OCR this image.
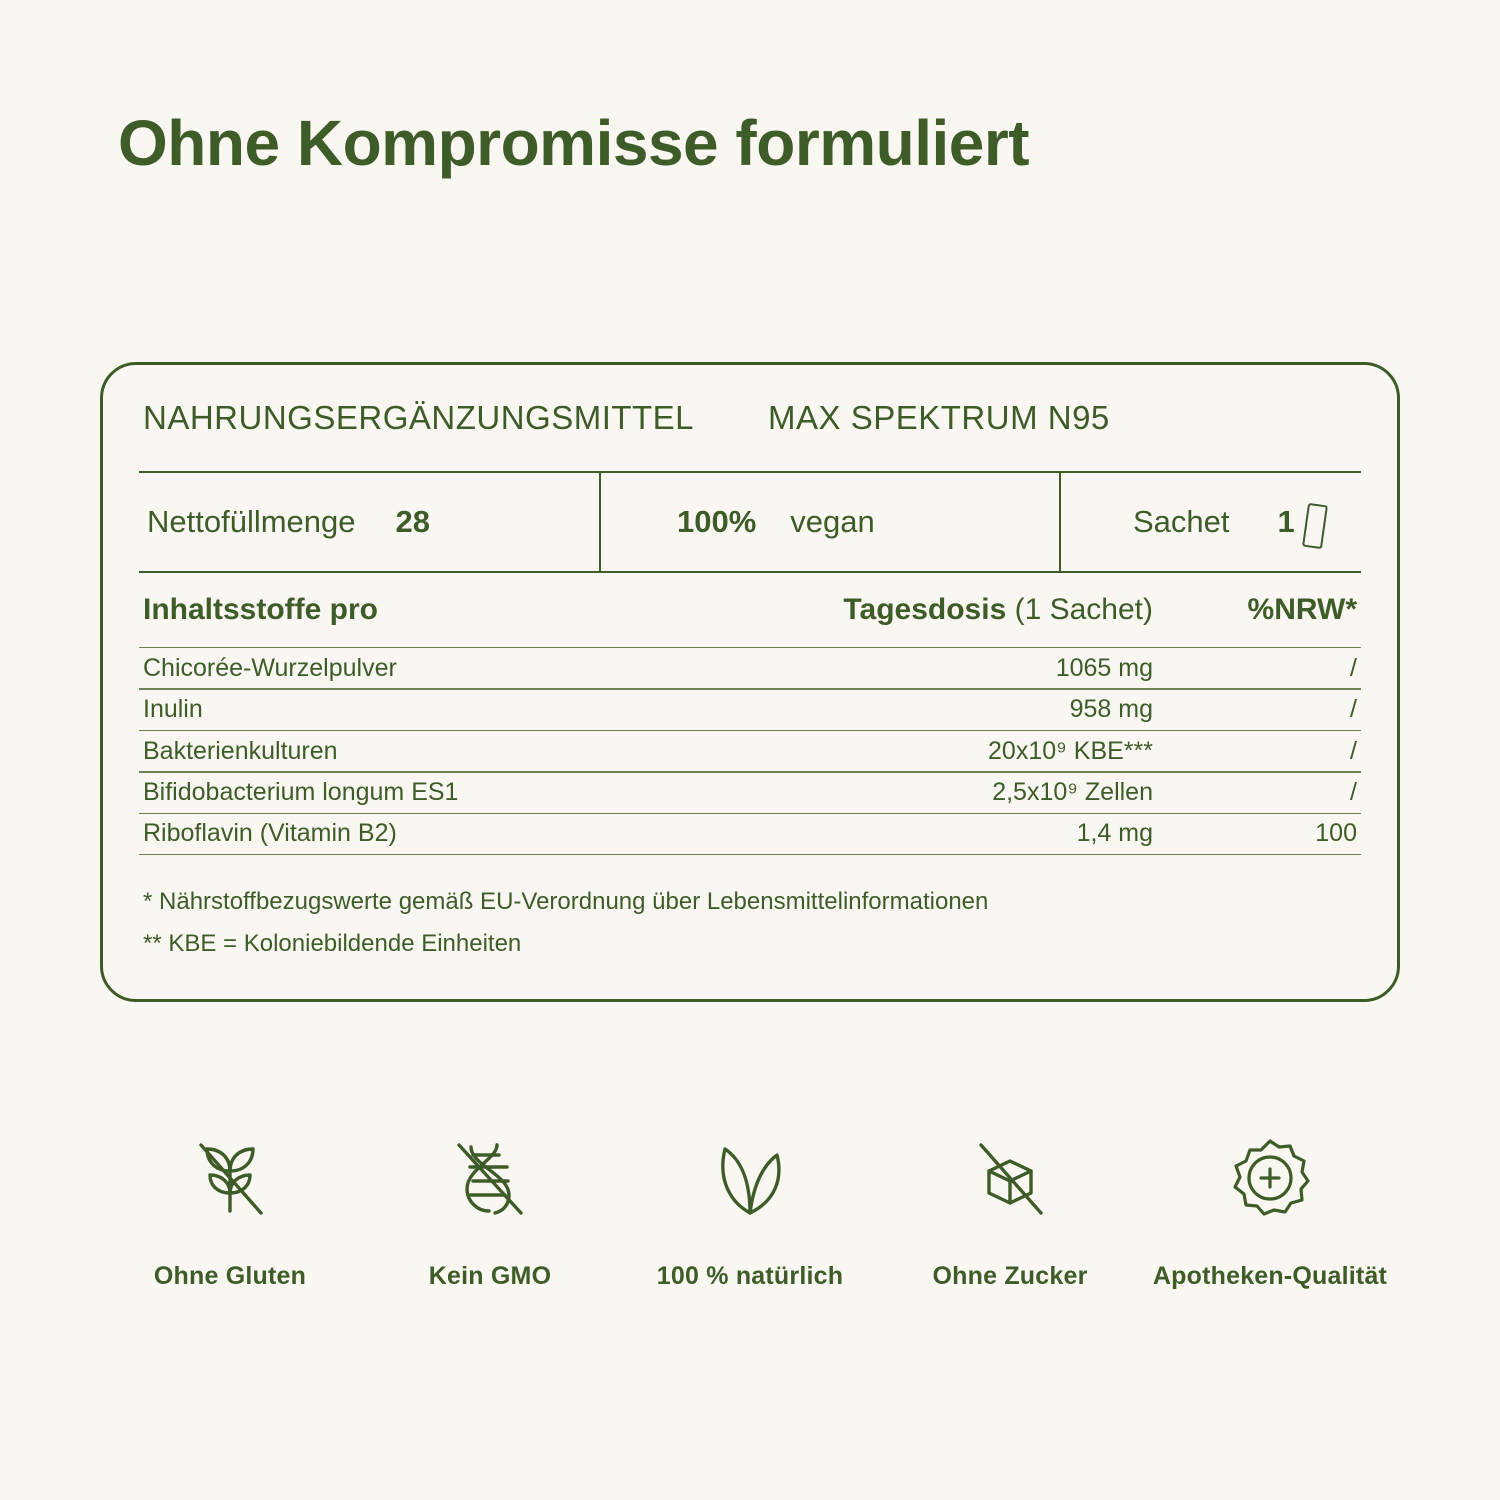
Ohne Kompromisse formuliert
NAHRUNGSERGÄNZUNGSMITTEL MAX SPEKTRUM N95
Nettofüllmenge 28	100% vegan	Sachet 1
Inhaltsstoffe pro	Tagesdosis (1 Sachet)	%NRW*
Chicorée-Wurzelpulver	1065 mg	/
Inulin	958 mg	/
Bakterienkulturen	20x10⁹ KBE***	/
Bifidobacterium longum ES1	2,5x10⁹ Zellen	/
Riboflavin (Vitamin B2)	1,4 mg	100
* Nährstoffbezugswerte gemäß EU-Verordnung über Lebensmittelinformationen
** KBE = Koloniebildende Einheiten
Ohne Gluten	Kein GMO	100 % natürlich	Ohne Zucker	Apotheken-Qualität
